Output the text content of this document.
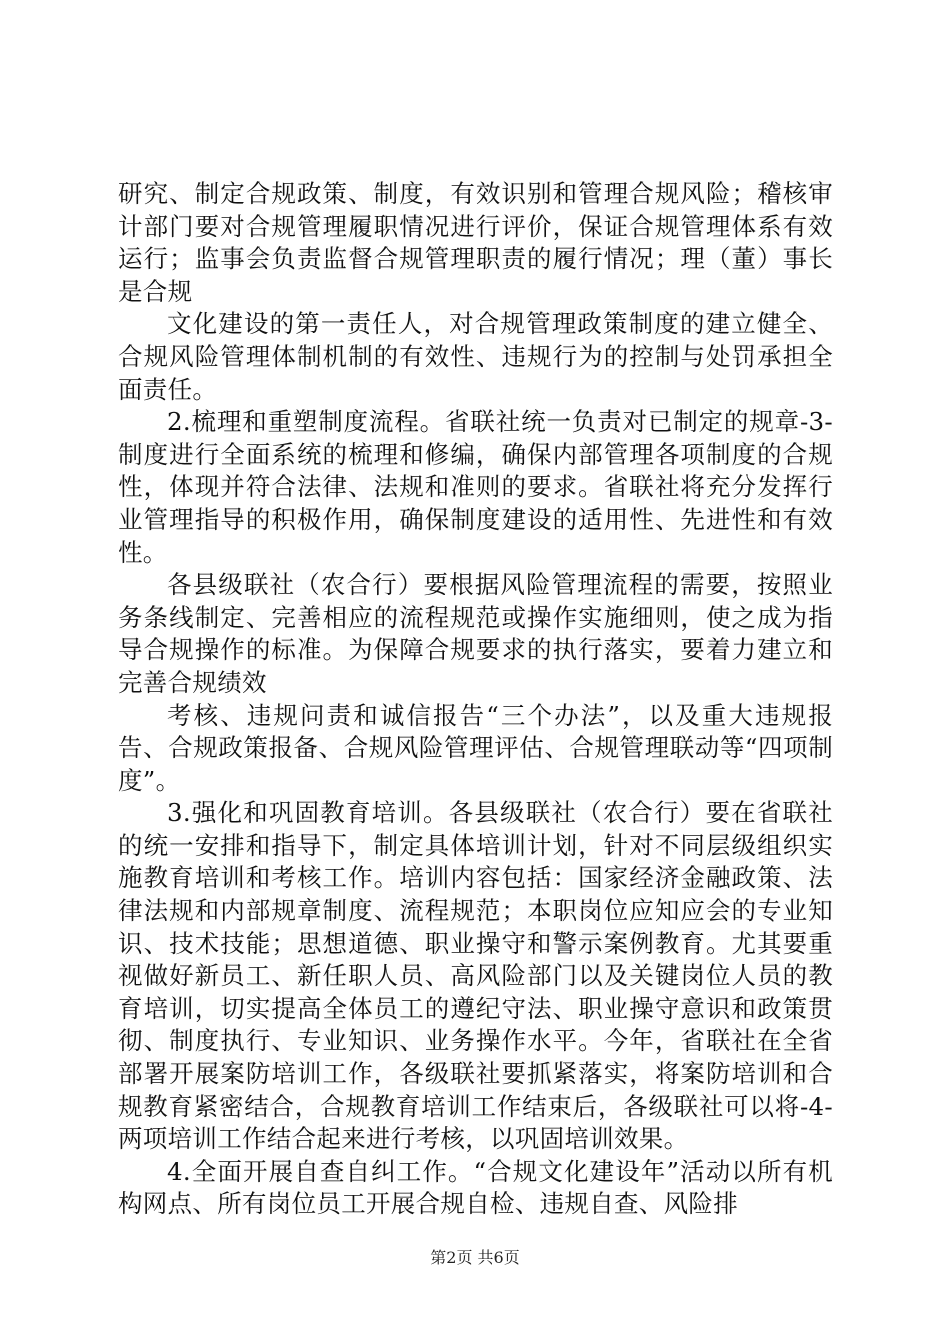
研究、制定合规政策、制度，有效识别和管理合规风险；稽核审计部门要对合规管理履职情况进行评价，保证合规管理体系有效运行；监事会负责监督合规管理职责的履行情况；理（董）事长是合规

文化建设的第一责任人，对合规管理政策制度的建立健全、合规风险管理体制机制的有效性、违规行为的控制与处罚承担全面责任。

2.梳理和重塑制度流程。省联社统一负责对已制定的规章-3-制度进行全面系统的梳理和修编，确保内部管理各项制度的合规性，体现并符合法律、法规和准则的要求。省联社将充分发挥行业管理指导的积极作用，确保制度建设的适用性、先进性和有效性。

各县级联社（农合行）要根据风险管理流程的需要，按照业务条线制定、完善相应的流程规范或操作实施细则，使之成为指导合规操作的标准。为保障合规要求的执行落实，要着力建立和完善合规绩效

考核、违规问责和诚信报告“三个办法”，以及重大违规报告、合规政策报备、合规风险管理评估、合规管理联动等“四项制度”。

3.强化和巩固教育培训。各县级联社（农合行）要在省联社的统一安排和指导下，制定具体培训计划，针对不同层级组织实施教育培训和考核工作。培训内容包括：国家经济金融政策、法律法规和内部规章制度、流程规范；本职岗位应知应会的专业知识、技术技能；思想道德、职业操守和警示案例教育。尤其要重视做好新员工、新任职人员、高风险部门以及关键岗位人员的教育培训，切实提高全体员工的遵纪守法、职业操守意识和政策贯彻、制度执行、专业知识、业务操作水平。今年，省联社在全省部署开展案防培训工作，各级联社要抓紧落实，将案防培训和合规教育紧密结合，合规教育培训工作结束后，各级联社可以将-4-两项培训工作结合起来进行考核，以巩固培训效果。

4.全面开展自查自纠工作。“合规文化建设年”活动以所有机构网点、所有岗位员工开展合规自检、违规自查、风险排

第2页 共6页
